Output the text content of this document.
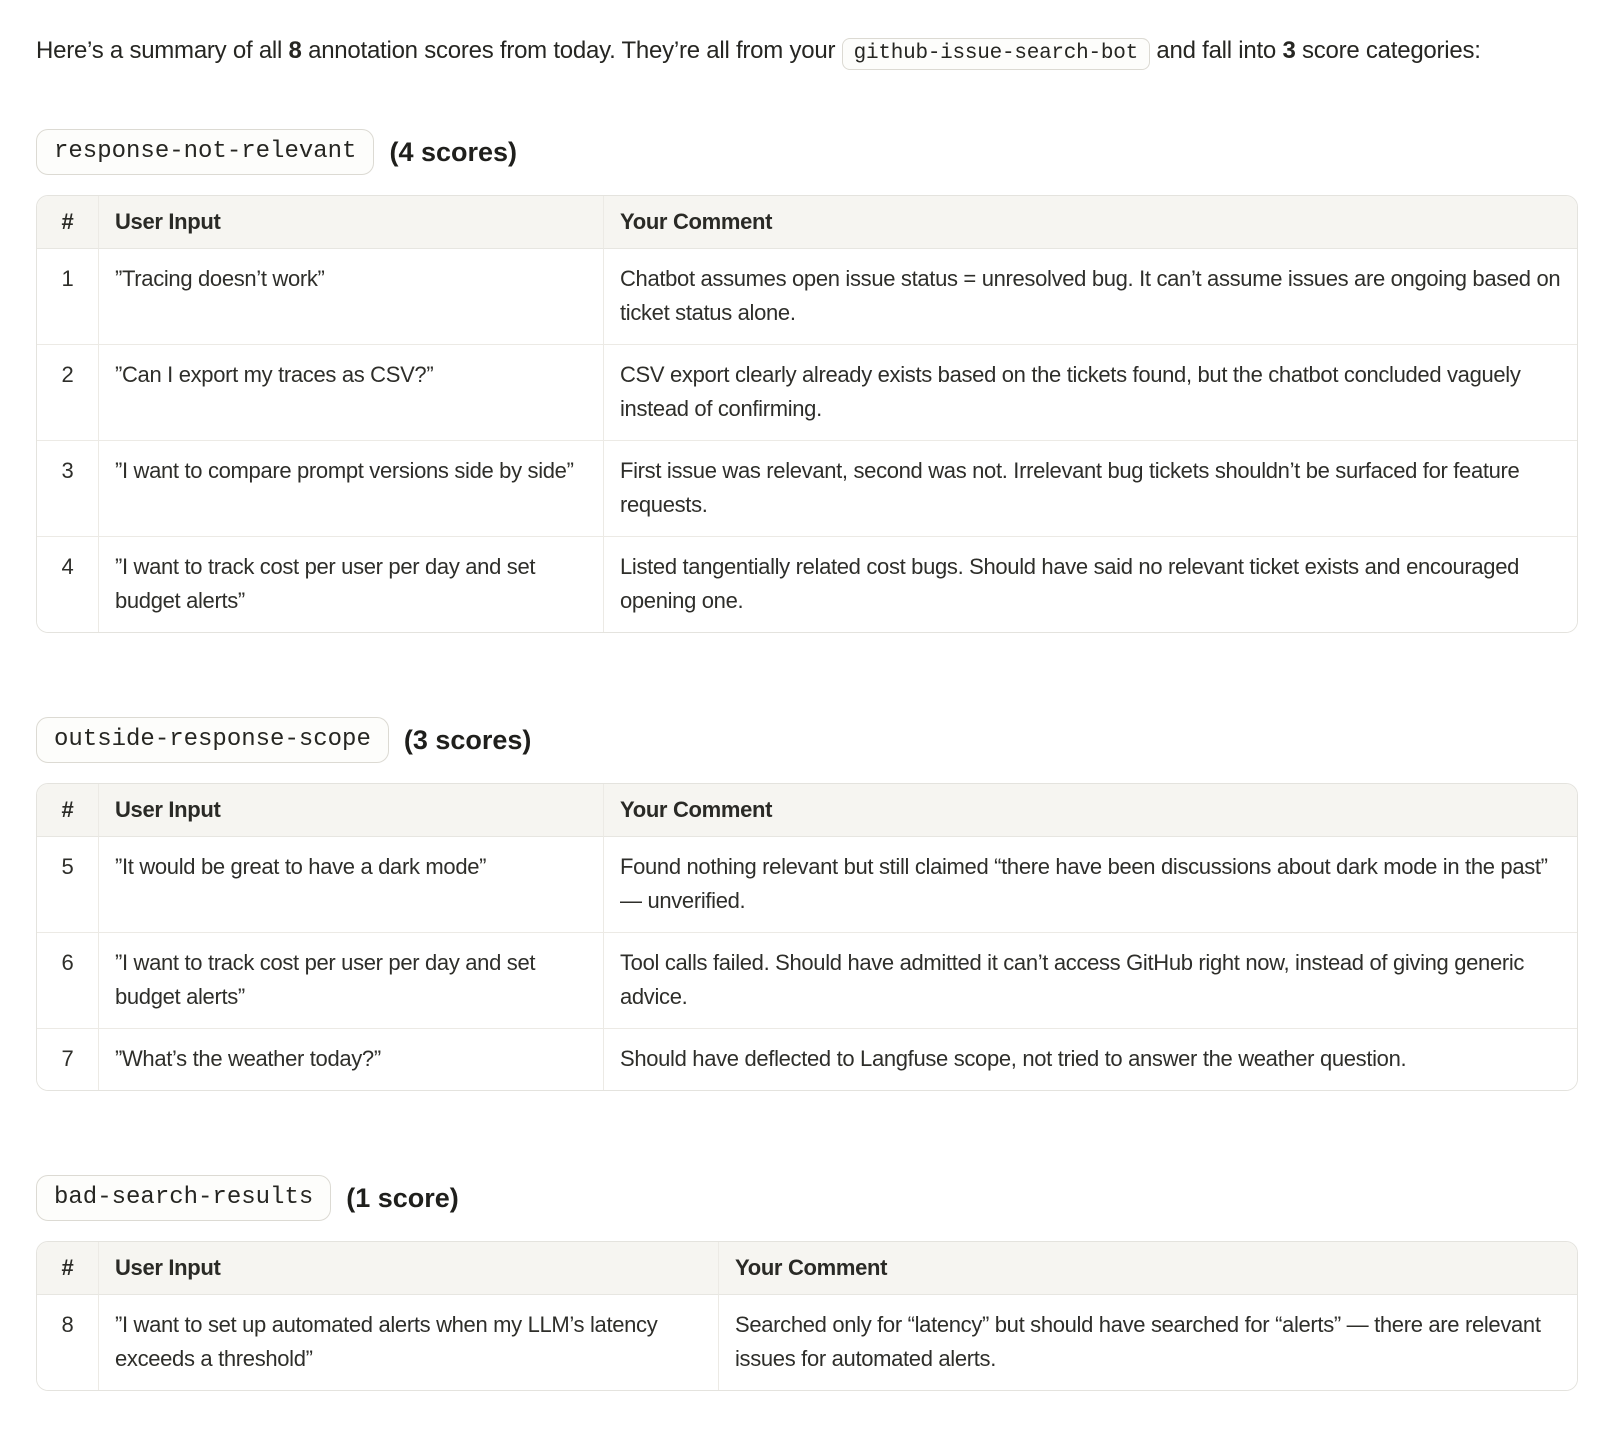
Here’s a summary of all 8 annotation scores from today. They’re all from your github-issue-search-bot and fall into 3 score categories:

response-not-relevant	(4 scores)
#	User Input	Your Comment
1	”Tracing doesn’t work”	Chatbot assumes open issue status = unresolved bug. It can’t assume issues are ongoing based on ticket status alone.
2	”Can I export my traces as CSV?”	CSV export clearly already exists based on the tickets found, but the chatbot concluded vaguely instead of confirming.
3	”I want to compare prompt versions side by side”	First issue was relevant, second was not. Irrelevant bug tickets shouldn’t be surfaced for feature requests.
4	”I want to track cost per user per day and set budget alerts”	Listed tangentially related cost bugs. Should have said no relevant ticket exists and encouraged opening one.
outside-response-scope	(3 scores)
#	User Input	Your Comment
5	”It would be great to have a dark mode”	Found nothing relevant but still claimed “there have been discussions about dark mode in the past” — unverified.
6	”I want to track cost per user per day and set budget alerts”	Tool calls failed. Should have admitted it can’t access GitHub right now, instead of giving generic advice.
7	”What’s the weather today?”	Should have deflected to Langfuse scope, not tried to answer the weather question.
bad-search-results	(1 score)
#	User Input	Your Comment
8	”I want to set up automated alerts when my LLM’s latency exceeds a threshold”	Searched only for “latency” but should have searched for “alerts” — there are relevant issues for automated alerts.
